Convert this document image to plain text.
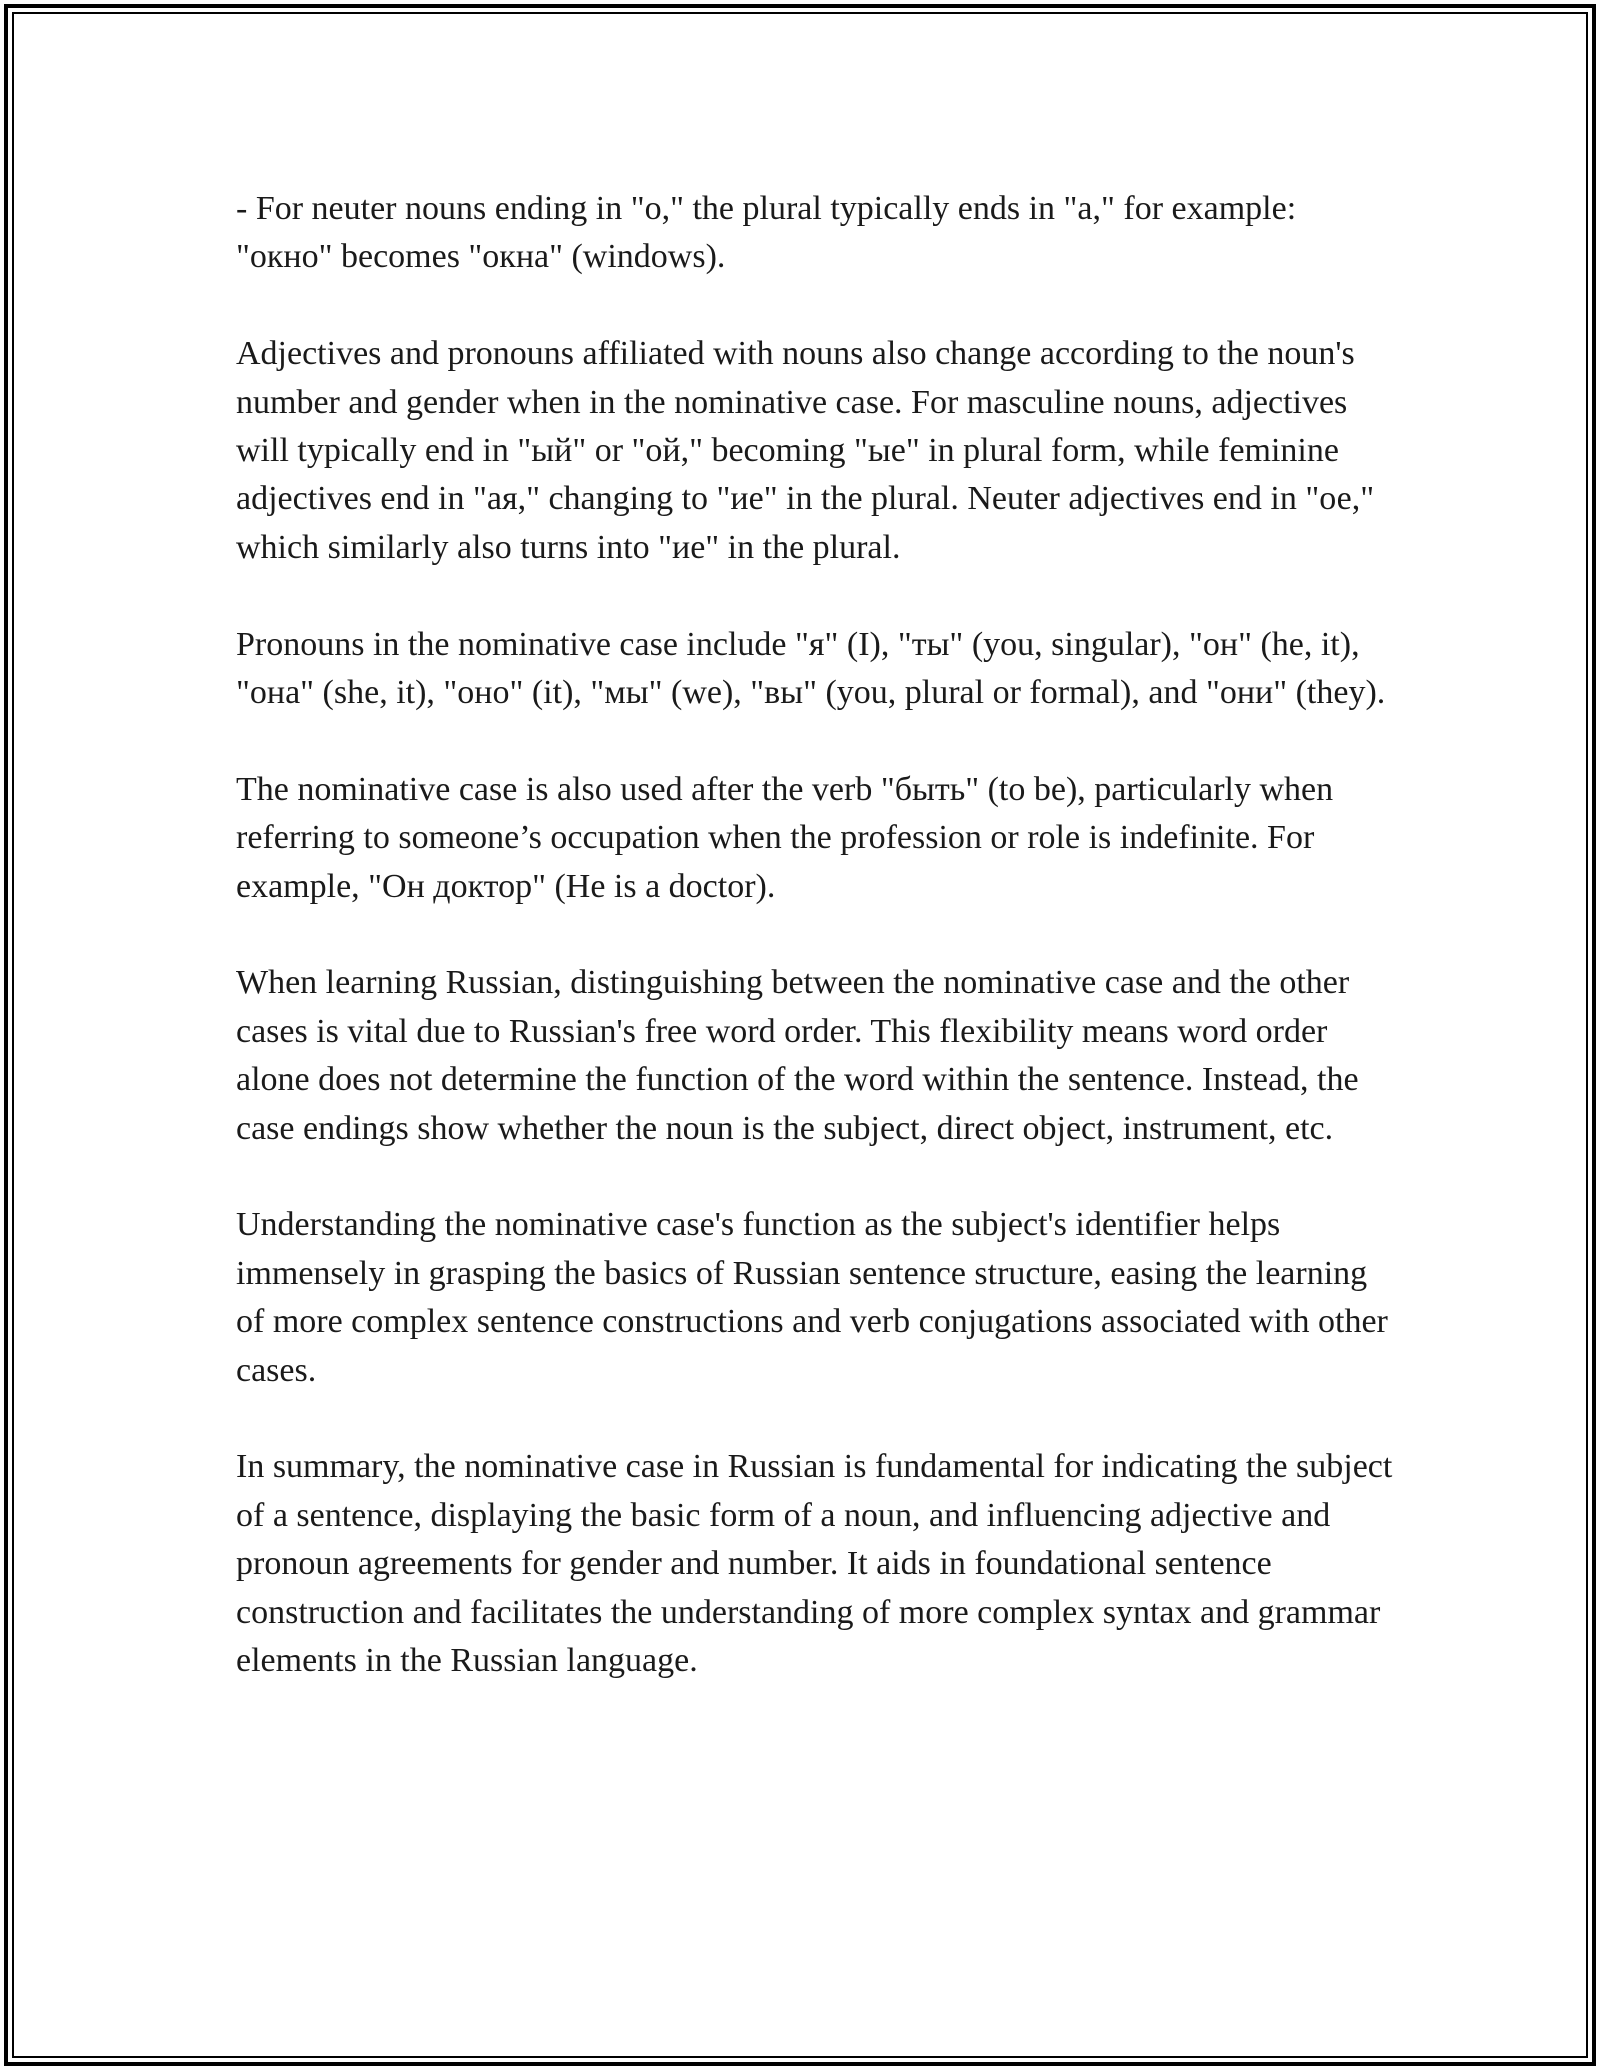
- For neuter nouns ending in "о," the plural typically ends in "а," for example: "окно" becomes "окна" (windows).

Adjectives and pronouns affiliated with nouns also change according to the noun's number and gender when in the nominative case. For masculine nouns, adjectives will typically end in "ый" or "ой," becoming "ые" in plural form, while feminine adjectives end in "ая," changing to "ие" in the plural. Neuter adjectives end in "ое," which similarly also turns into "ие" in the plural.

Pronouns in the nominative case include "я" (I), "ты" (you, singular), "он" (he, it), "она" (she, it), "оно" (it), "мы" (we), "вы" (you, plural or formal), and "они" (they).

The nominative case is also used after the verb "быть" (to be), particularly when referring to someone’s occupation when the profession or role is indefinite. For example, "Он доктор" (He is a doctor).

When learning Russian, distinguishing between the nominative case and the other cases is vital due to Russian's free word order. This flexibility means word order alone does not determine the function of the word within the sentence. Instead, the case endings show whether the noun is the subject, direct object, instrument, etc.

Understanding the nominative case's function as the subject's identifier helps immensely in grasping the basics of Russian sentence structure, easing the learning of more complex sentence constructions and verb conjugations associated with other cases.

In summary, the nominative case in Russian is fundamental for indicating the subject of a sentence, displaying the basic form of a noun, and influencing adjective and pronoun agreements for gender and number. It aids in foundational sentence construction and facilitates the understanding of more complex syntax and grammar elements in the Russian language.
